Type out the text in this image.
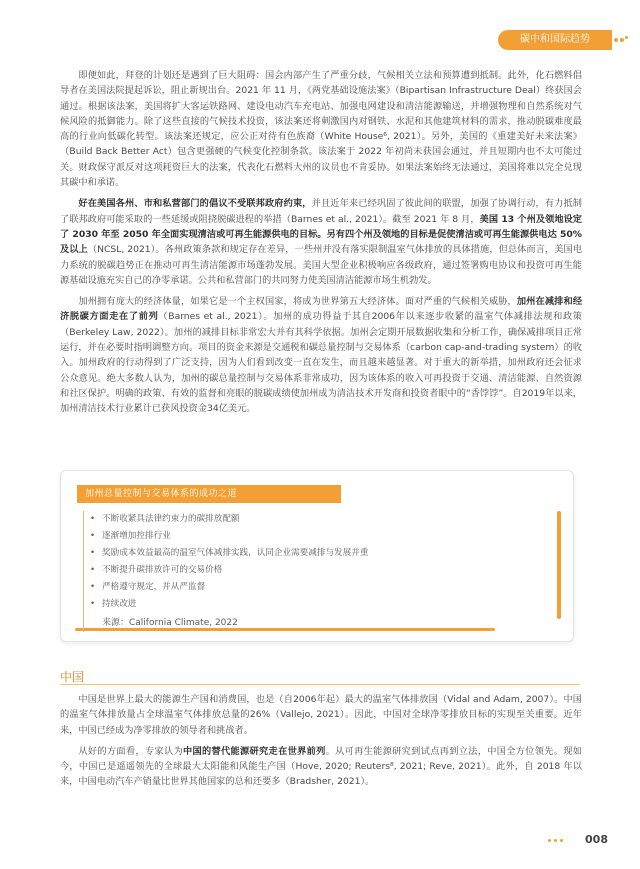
碳中和国际趋势

即便如此，拜登的计划还是遇到了巨大阻碍：国会内部产生了严重分歧，气候相关立法和预算遭到抵制。此外，化石燃料倡导者在美国法院提起诉讼，阻止新规出台。2021 年 11 月，《两党基础设施法案》（Bipartisan Infrastructure Deal）终获国会通过。根据该法案，美国将扩大客运铁路网、建设电动汽车充电站、加强电网建设和清洁能源输送，并增强物理和自然系统对气候风险的抵御能力。除了这些直接的气候技术投资，该法案还将刺激国内对钢铁、水泥和其他建筑材料的需求，推动脱碳难度最高的行业向低碳化转型。该法案还规定，应公正对待有色族裔（White House⁶, 2021）。另外，美国的《重建美好未来法案》（Build Back Better Act）包含更强硬的气候变化控制条款。该法案于 2022 年初尚未获国会通过，并且短期内也不太可能过关。财政保守派反对这项耗资巨大的法案，代表化石燃料大州的议员也不肯妥协。如果法案始终无法通过，美国将难以完全兑现其碳中和承诺。

好在美国各州、市和私营部门的倡议不受联邦政府约束，并且近年来已经巩固了彼此间的联盟，加强了协调行动，有力抵制了联邦政府可能采取的一些延缓或阻挠脱碳进程的举措（Barnes et al., 2021）。截至 2021 年 8 月，美国 13 个州及领地设定了 2030 年至 2050 年全面实现清洁或可再生能源供电的目标。另有四个州及领地的目标是促使清洁或可再生能源供电达 50% 及以上（NCSL, 2021）。各州政策条款和规定存在差异，一些州并没有落实限制温室气体排放的具体措施，但总体而言，美国电力系统的脱碳趋势正在推动可再生清洁能源市场蓬勃发展。美国大型企业积极响应各级政府，通过签署购电协议和投资可再生能源基础设施充实自己的净零承诺。公共和私营部门的共同努力使美国清洁能源市场生机勃发。

加州拥有庞大的经济体量，如果它是一个主权国家，将成为世界第五大经济体。面对严重的气候相关威胁，加州在减排和经济脱碳方面走在了前列（Barnes et al., 2021）。加州的成功得益于其自2006年以来逐步收紧的温室气体减排法规和政策（Berkeley Law, 2022）。加州的减排目标非常宏大并有其科学依据。加州会定期开展数据收集和分析工作，确保减排项目正常运行，并在必要时指明调整方向。项目的资金来源是交通税和碳总量控制与交易体系（carbon cap-and-trading system）的收入。加州政府的行动得到了广泛支持，因为人们看到改变一直在发生，而且越来越显著。对于重大的新举措，加州政府还会征求公众意见。绝大多数人认为，加州的碳总量控制与交易体系非常成功，因为该体系的收入可再投资于交通、清洁能源、自然资源和社区保护。明确的政策、有效的监督和亮眼的脱碳成绩使加州成为清洁技术开发商和投资者眼中的“香饽饽”。自2019年以来，加州清洁技术行业累计已获风投资金34亿美元。

加州总量控制与交易体系的成功之道
• 不断收紧具法律约束力的碳排放配额
• 逐渐增加控排行业
• 奖励成本效益最高的温室气体减排实践，认同企业需要减排与发展并重
• 不断提升碳排放许可的交易价格
• 严格遵守规定，并从严监督
• 持续改进
来源：California Climate, 2022
中国

中国是世界上最大的能源生产国和消费国，也是（自2006年起）最大的温室气体排放国（Vidal and Adam, 2007）。中国的温室气体排放量占全球温室气体排放总量的26%（Vallejo, 2021）。因此，中国对全球净零排放目标的实现至关重要。近年来，中国已经成为净零排放的领导者和挑战者。

从好的方面看，专家认为中国的替代能源研究走在世界前列。从可再生能源研究到试点再到立法，中国全方位领先。现如今，中国已是遥遥领先的全球最大太阳能和风能生产国（Hove, 2020; Reuters⁸, 2021; Reve, 2021）。此外，自 2018 年以来，中国电动汽车产销量比世界其他国家的总和还要多（Bradsher, 2021）。

008
